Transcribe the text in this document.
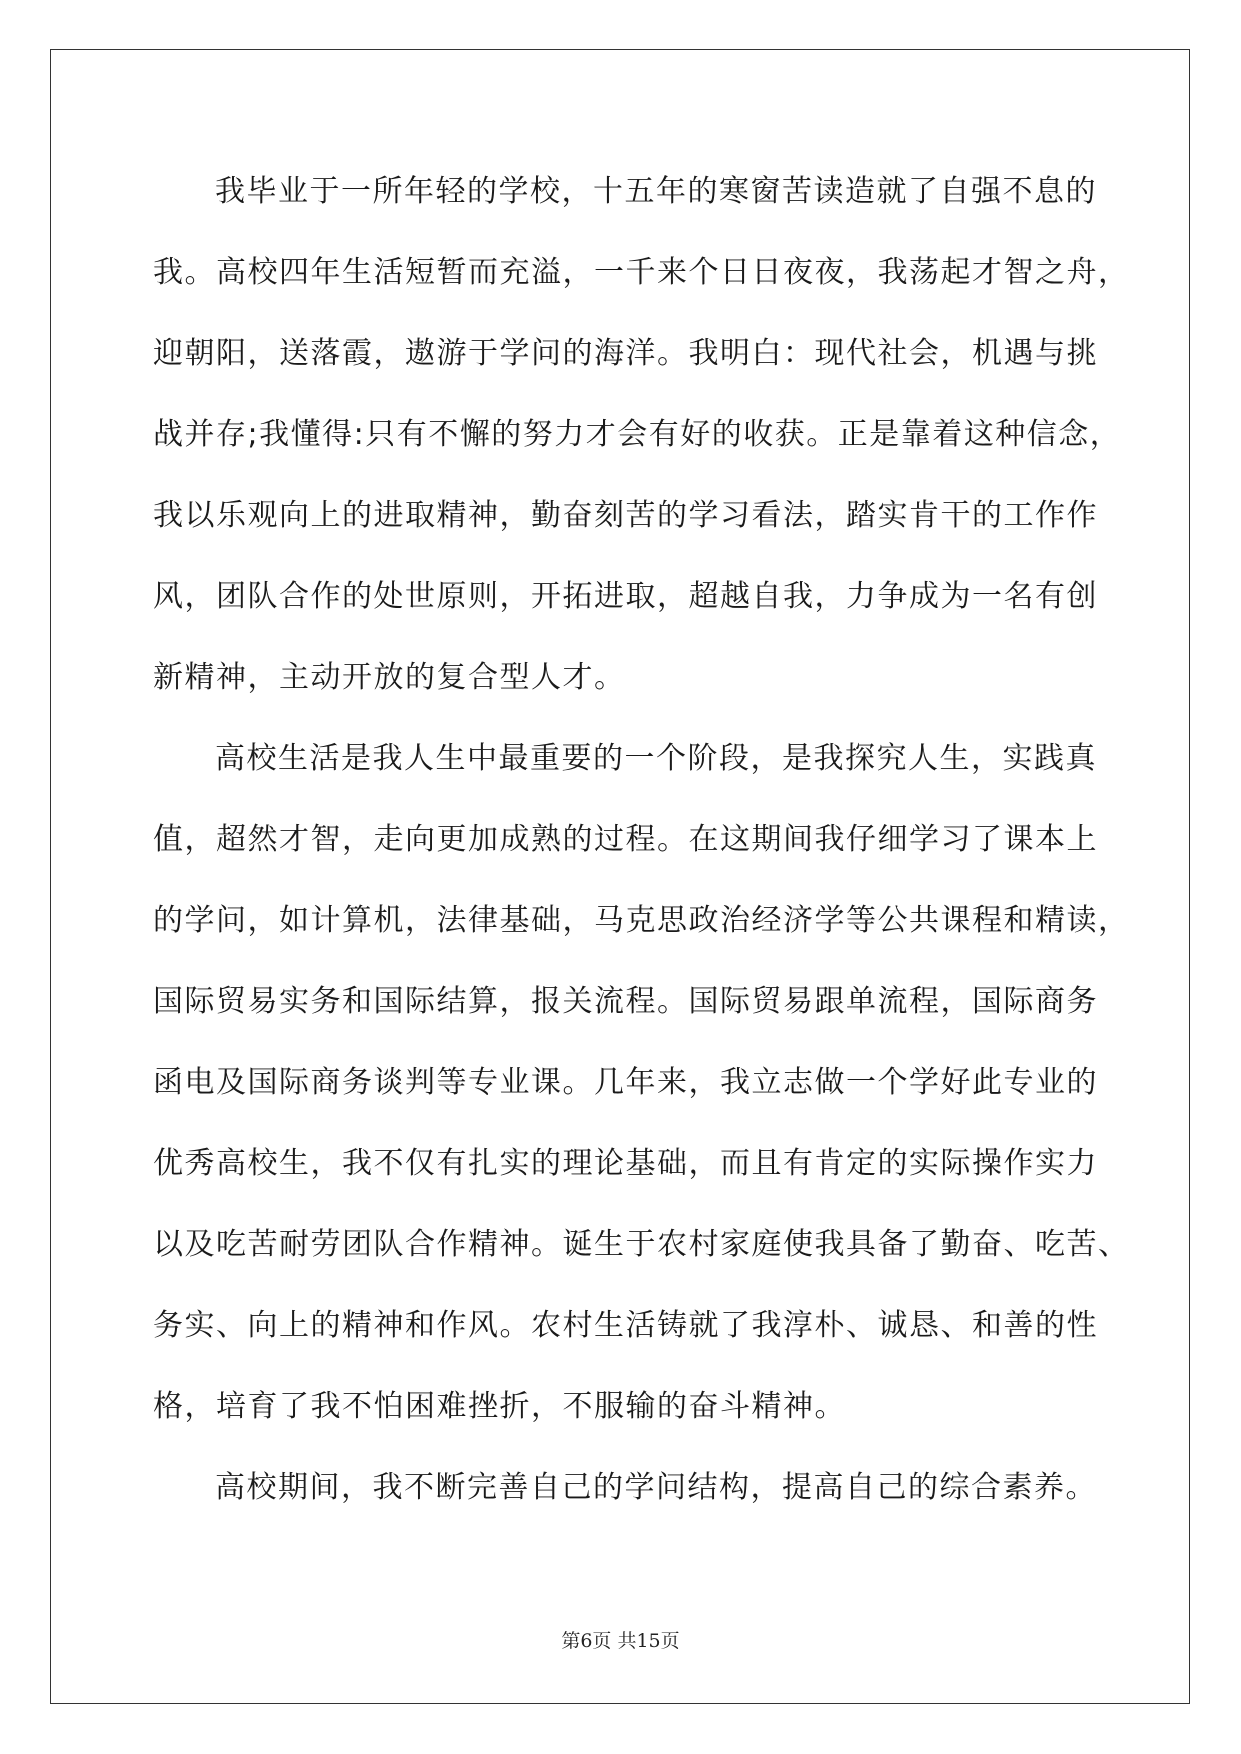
我毕业于一所年轻的学校，十五年的寒窗苦读造就了自强不息的
我。高校四年生活短暂而充溢，一千来个日日夜夜，我荡起才智之舟，
迎朝阳，送落霞，遨游于学问的海洋。我明白：现代社会，机遇与挑
战并存;我懂得:只有不懈的努力才会有好的收获。正是靠着这种信念，
我以乐观向上的进取精神，勤奋刻苦的学习看法，踏实肯干的工作作
风，团队合作的处世原则，开拓进取，超越自我，力争成为一名有创
新精神，主动开放的复合型人才。
高校生活是我人生中最重要的一个阶段，是我探究人生，实践真
值，超然才智，走向更加成熟的过程。在这期间我仔细学习了课本上
的学问，如计算机，法律基础，马克思政治经济学等公共课程和精读，
国际贸易实务和国际结算，报关流程。国际贸易跟单流程，国际商务
函电及国际商务谈判等专业课。几年来，我立志做一个学好此专业的
优秀高校生，我不仅有扎实的理论基础，而且有肯定的实际操作实力
以及吃苦耐劳团队合作精神。诞生于农村家庭使我具备了勤奋、吃苦、
务实、向上的精神和作风。农村生活铸就了我淳朴、诚恳、和善的性
格，培育了我不怕困难挫折，不服输的奋斗精神。
高校期间，我不断完善自己的学问结构，提高自己的综合素养。
第6页 共15页
